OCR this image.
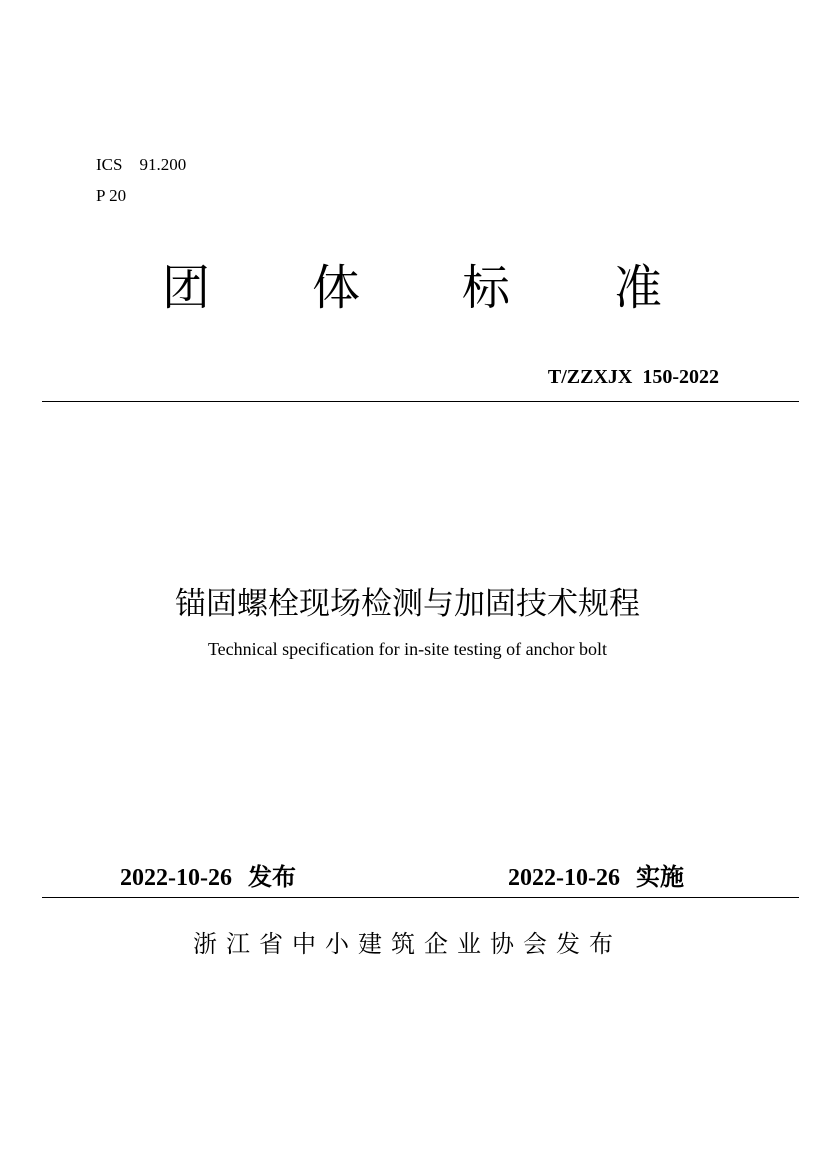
ICS    91.200
P 20
团 体 标 准
T/ZZXJX  150-2022
锚固螺栓现场检测与加固技术规程
Technical specification for in-site testing of anchor bolt
2022-10-26 发布	2022-10-26 实施
浙江省中小建筑企业协会发布
